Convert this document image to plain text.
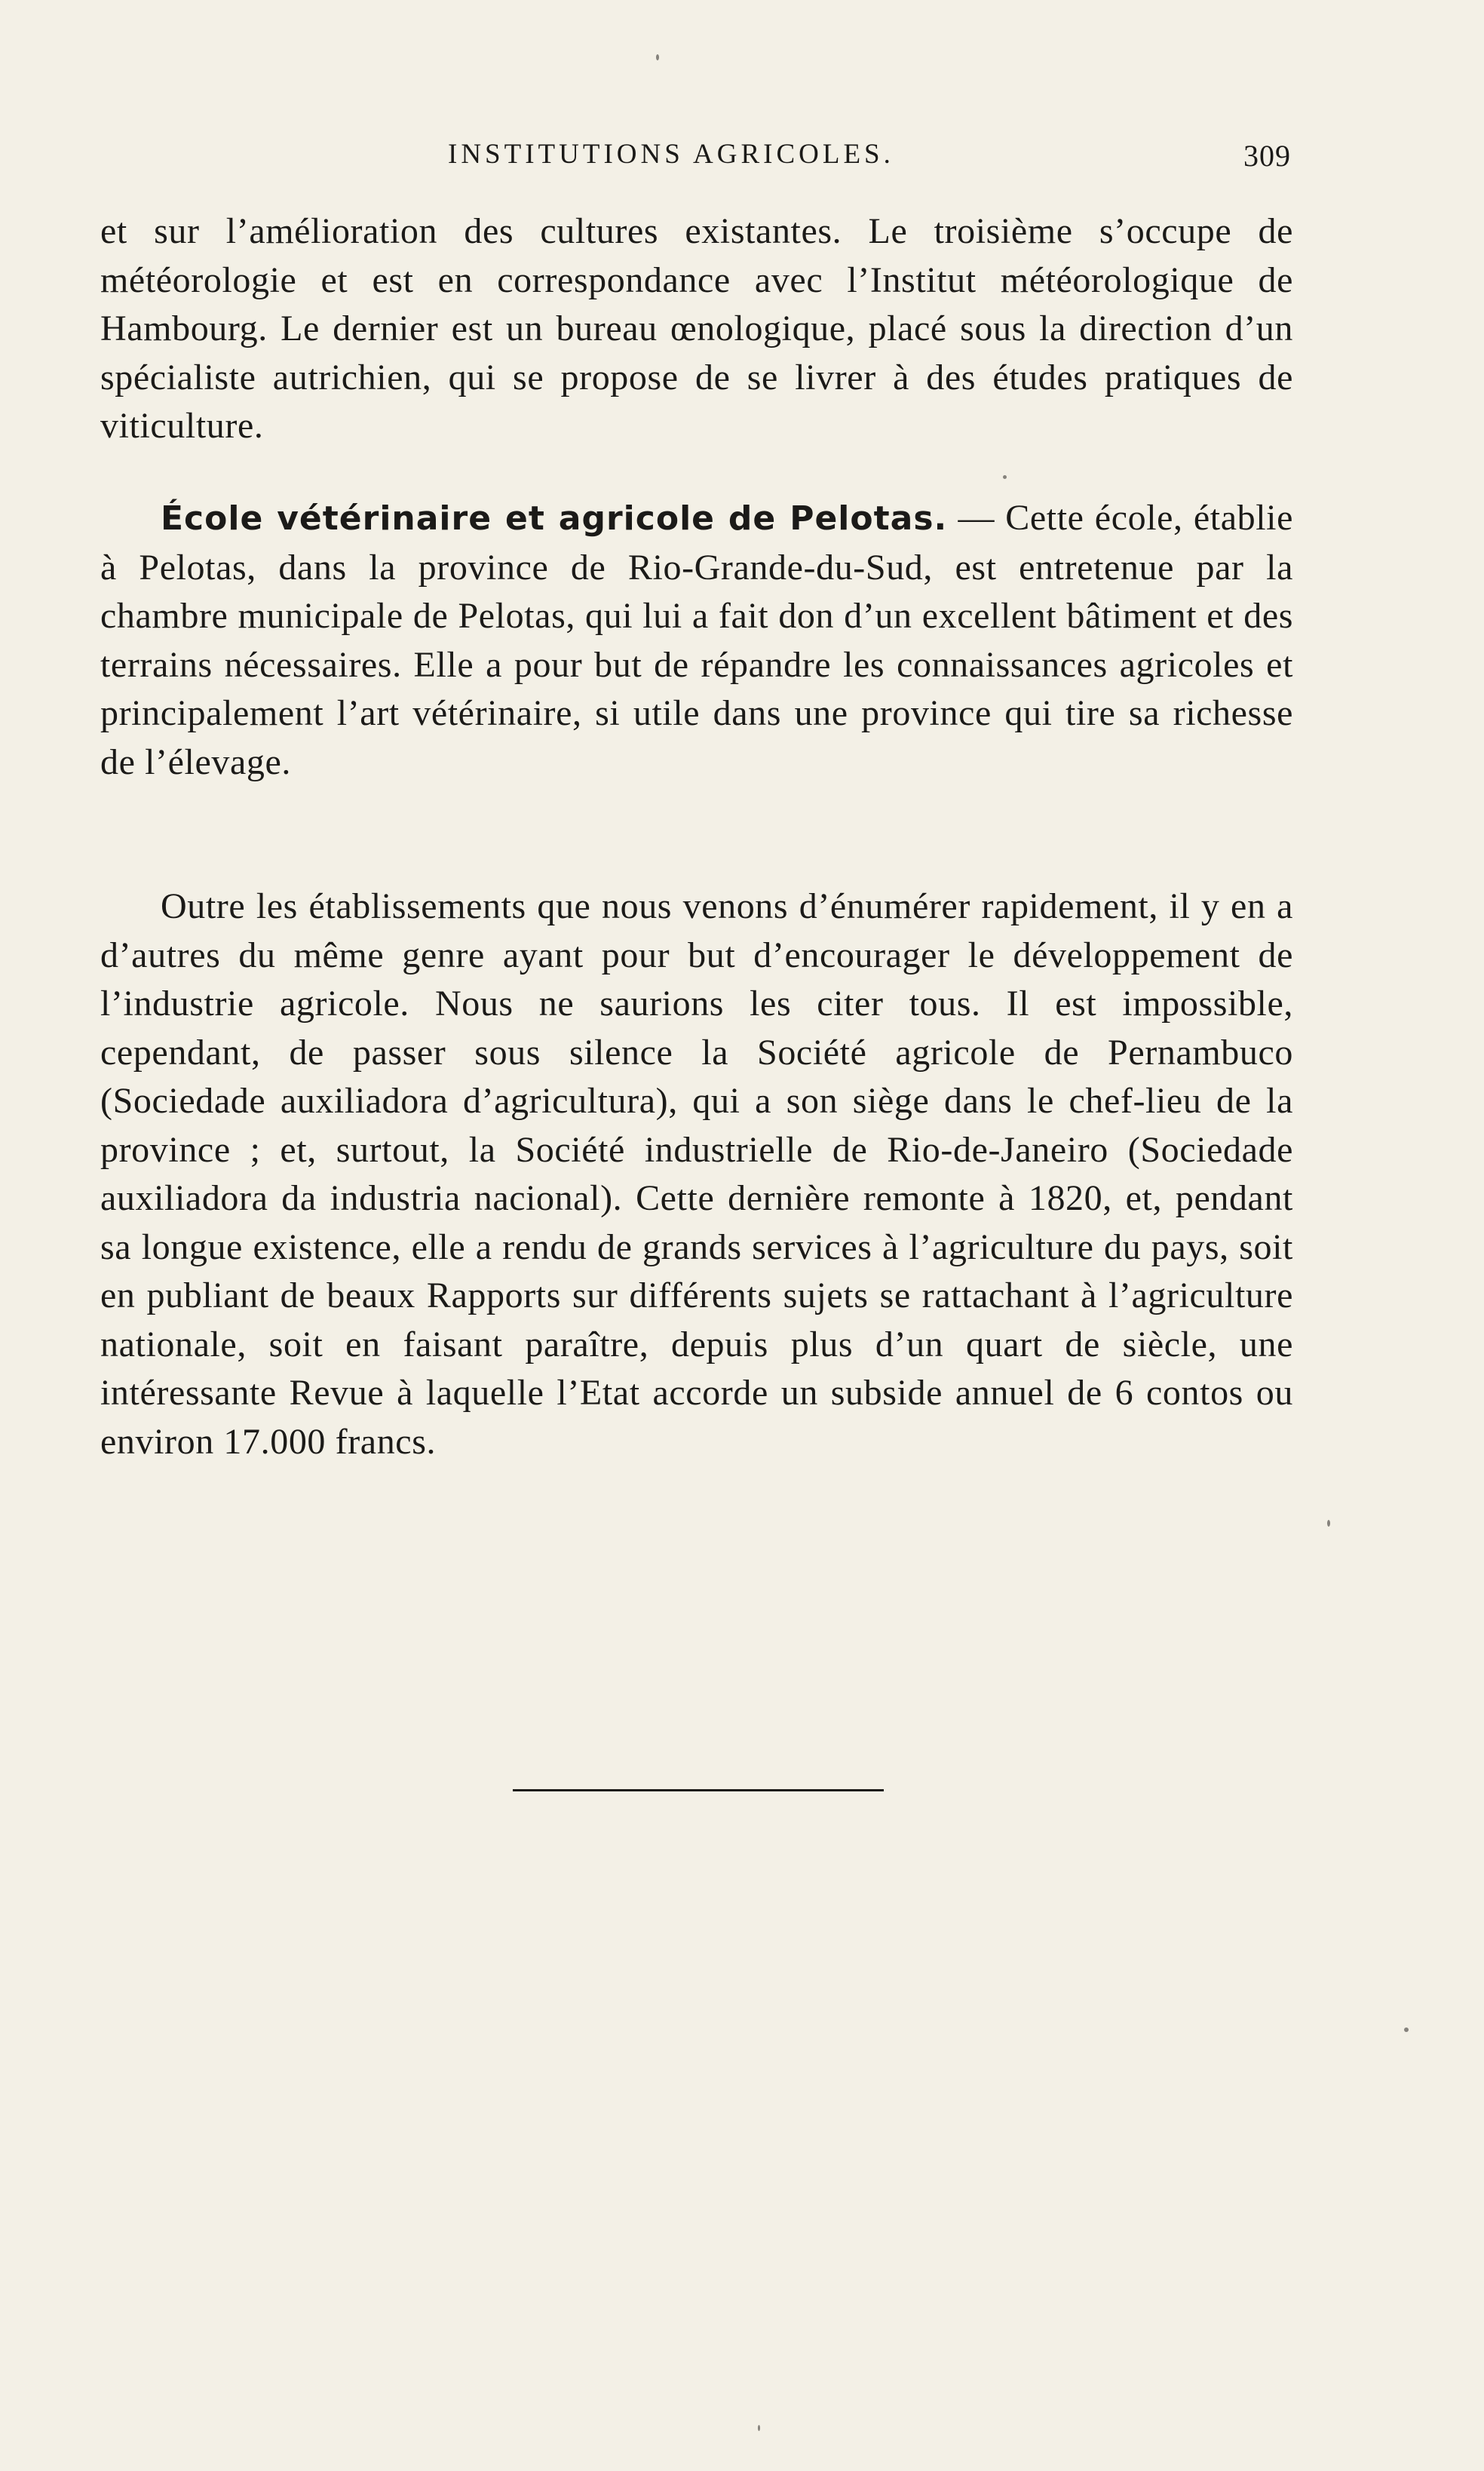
INSTITUTIONS AGRICOLES.	309

et sur l’amélioration des cultures existantes. Le troisième s’occupe de météorologie et est en correspondance avec l’Institut météorologique de Hambourg. Le dernier est un bureau œnologique, placé sous la direction d’un spécialiste autrichien, qui se propose de se livrer à des études pratiques de viticulture.

École vétérinaire et agricole de Pelotas. — Cette école, établie à Pelotas, dans la province de Rio-Grande-du-Sud, est entretenue par la chambre municipale de Pelotas, qui lui a fait don d’un excellent bâtiment et des terrains nécessaires. Elle a pour but de répandre les connaissances agricoles et principalement l’art vétérinaire, si utile dans une province qui tire sa richesse de l’élevage.

Outre les établissements que nous venons d’énumérer rapidement, il y en a d’autres du même genre ayant pour but d’encourager le développement de l’industrie agricole. Nous ne saurions les citer tous. Il est impossible, cependant, de passer sous silence la Société agricole de Pernambuco (Sociedade auxiliadora d’agricultura), qui a son siège dans le chef-lieu de la province ; et, surtout, la Société industrielle de Rio-de-Janeiro (Sociedade auxiliadora da industria nacional). Cette dernière remonte à 1820, et, pendant sa longue existence, elle a rendu de grands services à l’agriculture du pays, soit en publiant de beaux Rapports sur différents sujets se rattachant à l’agriculture nationale, soit en faisant paraître, depuis plus d’un quart de siècle, une intéressante Revue à laquelle l’Etat accorde un subside annuel de 6 contos ou environ 17.000 francs.
